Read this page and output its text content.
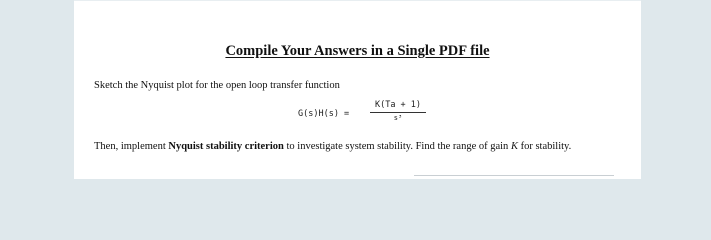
Compile Your Answers in a Single PDF file
Sketch the Nyquist plot for the open loop transfer function
G(s)H(s) =
K(Ta + 1)
s³
Then, implement Nyquist stability criterion to investigate system stability. Find the range of gain K for stability.
